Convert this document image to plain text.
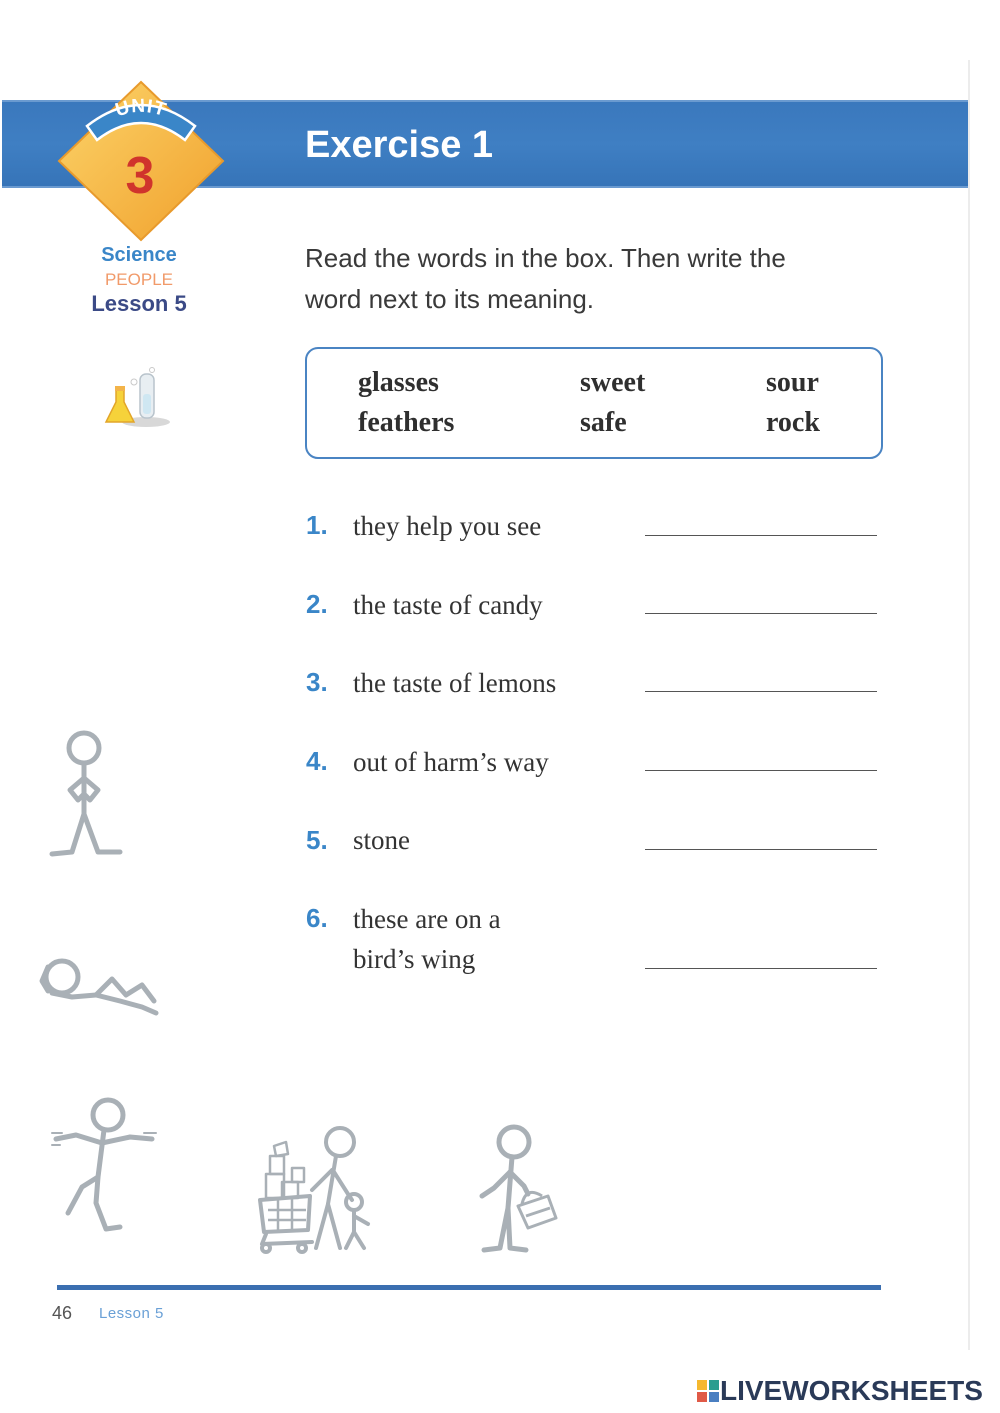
Exercise 1
UNIT
3
Science
PEOPLE
Lesson 5
Read the words in the box. Then write the
word next to its meaning.
glasses	sweet	sour
feathers	safe	rock
1. they help you see
2. the taste of candy
3. the taste of lemons
4. out of harm’s way
5. stone
6. these are on a
bird’s wing
46 Lesson 5
LIVEWORKSHEETS
